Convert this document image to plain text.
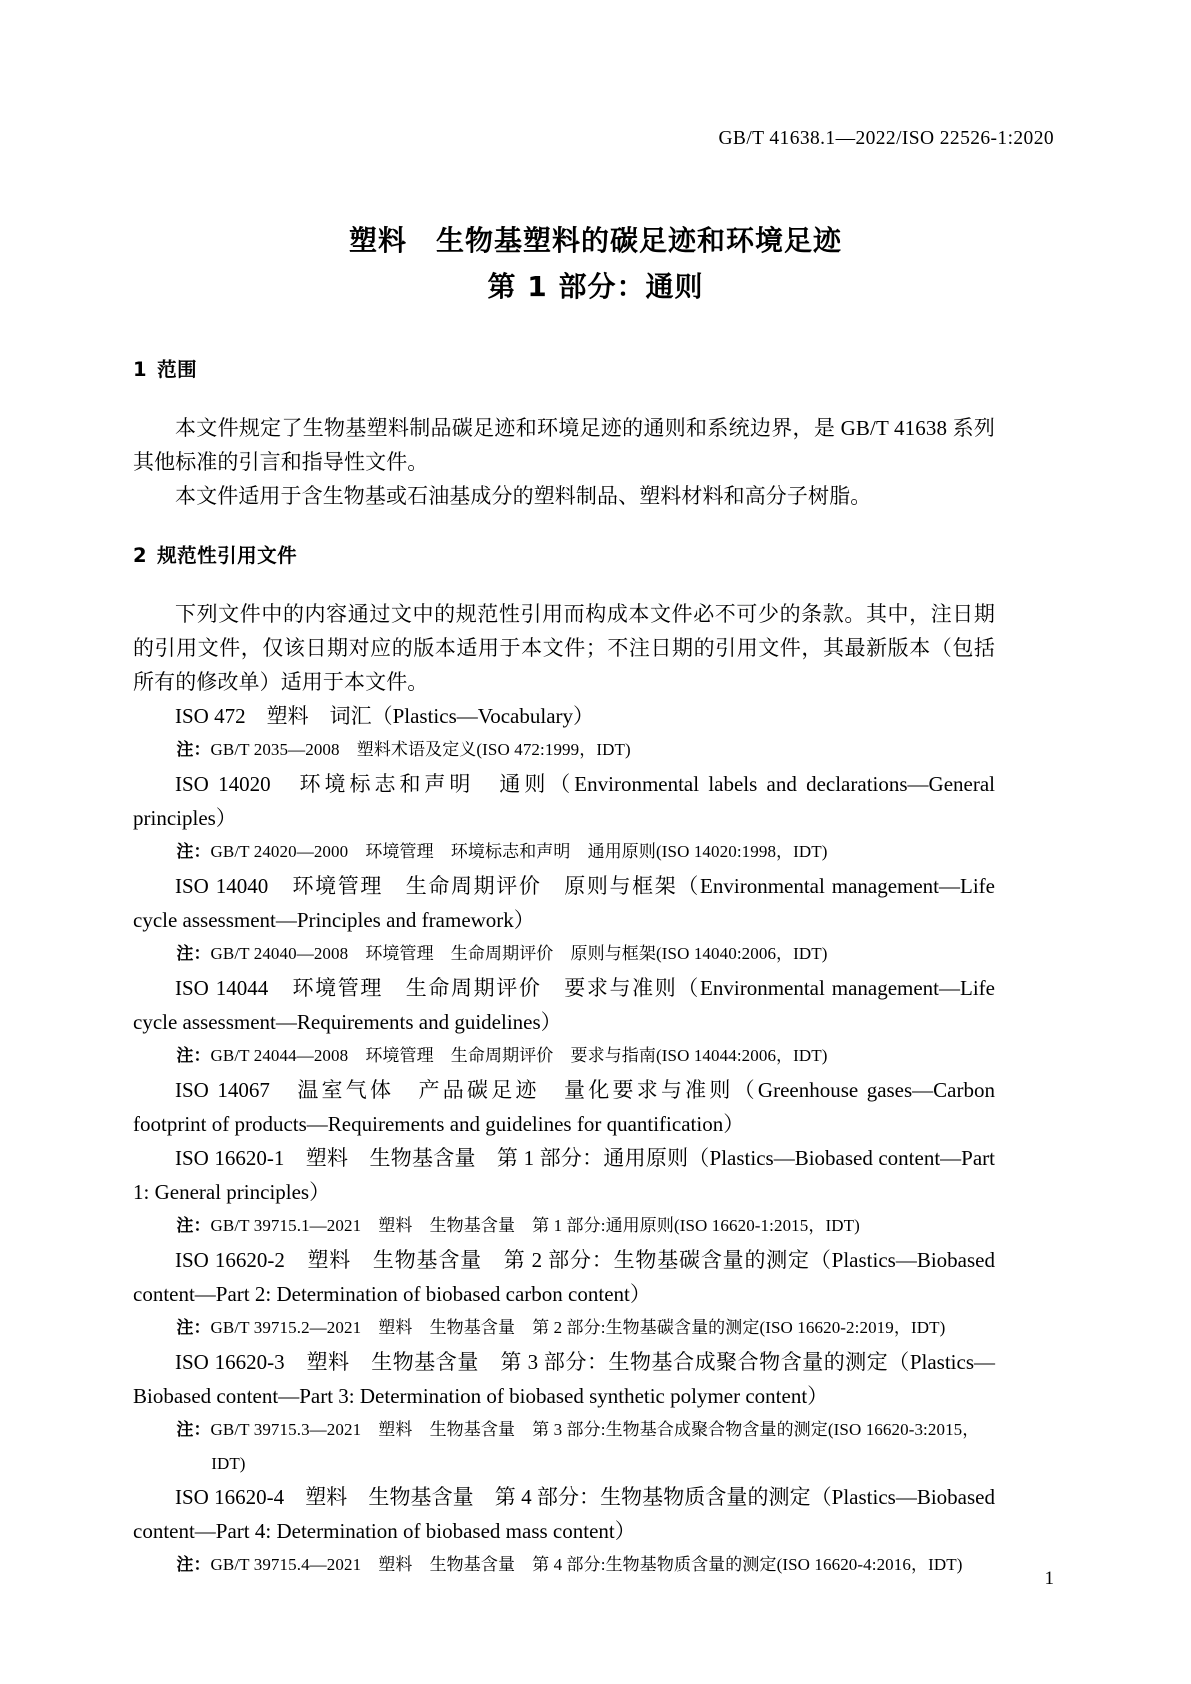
GB/T 41638.1—2022/ISO 22526-1:2020
塑料　生物基塑料的碳足迹和环境足迹
第 1 部分：通则
1 范围

本文件规定了生物基塑料制品碳足迹和环境足迹的通则和系统边界，是 GB/T 41638 系列其他标准的引言和指导性文件。

本文件适用于含生物基或石油基成分的塑料制品、塑料材料和高分子树脂。

2 规范性引用文件

下列文件中的内容通过文中的规范性引用而构成本文件必不可少的条款。其中，注日期的引用文件，仅该日期对应的版本适用于本文件；不注日期的引用文件，其最新版本（包括所有的修改单）适用于本文件。

ISO 472　塑料　词汇（Plastics—Vocabulary）

注：GB/T 2035—2008　塑料术语及定义(ISO 472:1999，IDT)

ISO 14020　环境标志和声明　通则（Environmental labels and declarations—General principles）

注：GB/T 24020—2000　环境管理　环境标志和声明　通用原则(ISO 14020:1998，IDT)

ISO 14040　环境管理　生命周期评价　原则与框架（Environmental management—Life cycle assessment—Principles and framework）

注：GB/T 24040—2008　环境管理　生命周期评价　原则与框架(ISO 14040:2006，IDT)

ISO 14044　环境管理　生命周期评价　要求与准则（Environmental management—Life cycle assessment—Requirements and guidelines）

注：GB/T 24044—2008　环境管理　生命周期评价　要求与指南(ISO 14044:2006，IDT)

ISO 14067　温室气体　产品碳足迹　量化要求与准则（Greenhouse gases—Carbon footprint of products—Requirements and guidelines for quantification）

ISO 16620-1　塑料　生物基含量　第 1 部分：通用原则（Plastics—Biobased content—Part 1: General principles）

注：GB/T 39715.1—2021　塑料　生物基含量　第 1 部分:通用原则(ISO 16620-1:2015，IDT)

ISO 16620-2　塑料　生物基含量　第 2 部分：生物基碳含量的测定（Plastics—Biobased content—Part 2: Determination of biobased carbon content）

注：GB/T 39715.2—2021　塑料　生物基含量　第 2 部分:生物基碳含量的测定(ISO 16620-2:2019，IDT)

ISO 16620-3　塑料　生物基含量　第 3 部分：生物基合成聚合物含量的测定（Plastics—Biobased content—Part 3: Determination of biobased synthetic polymer content）

注：GB/T 39715.3—2021　塑料　生物基含量　第 3 部分:生物基合成聚合物含量的测定(ISO 16620-3:2015，
IDT)

ISO 16620-4　塑料　生物基含量　第 4 部分：生物基物质含量的测定（Plastics—Biobased content—Part 4: Determination of biobased mass content）

注：GB/T 39715.4—2021　塑料　生物基含量　第 4 部分:生物基物质含量的测定(ISO 16620-4:2016，IDT)

1
